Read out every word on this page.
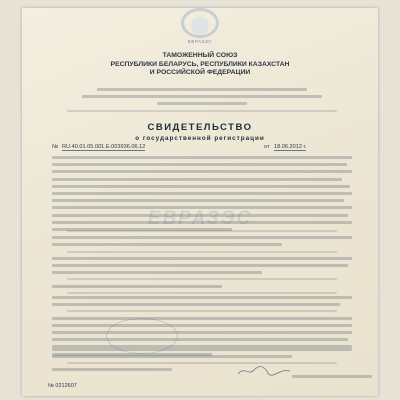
ЕВРАЗЭС
ЕВРАЗЭС
ТАМОЖЕННЫЙ СОЮЗ
РЕСПУБЛИКИ БЕЛАРУСЬ, РЕСПУБЛИКИ КАЗАХСТАН
И РОССИЙСКОЙ ФЕДЕРАЦИИ
СВИДЕТЕЛЬСТВО
о государственной регистрации
№ RU.40.01.05.001.E.003936.06.12	от 18.06.2012 г.
№ 0212607
